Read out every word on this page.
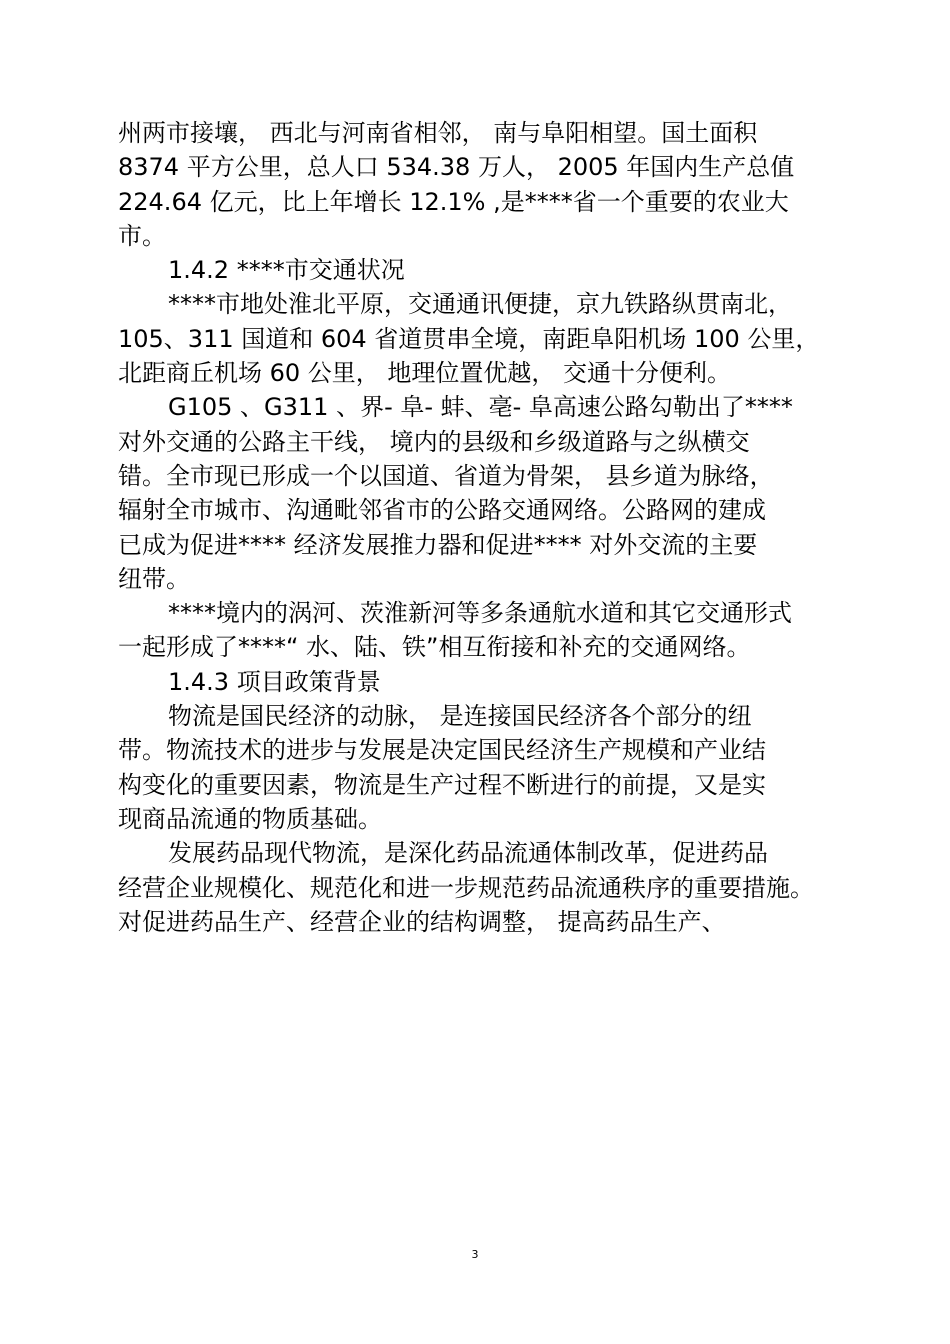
州两市接壤， 西北与河南省相邻， 南与阜阳相望。国土面积
8374 平方公里，总人口 534.38 万人， 2005 年国内生产总值
224.64 亿元，比上年增长 12.1% ,是****省一个重要的农业大
市。
1.4.2 ****市交通状况
****市地处淮北平原，交通通讯便捷，京九铁路纵贯南北，
105、311 国道和 604 省道贯串全境，南距阜阳机场 100 公里，
北距商丘机场 60 公里， 地理位置优越， 交通十分便利。
G105 、G311 、界- 阜- 蚌、亳- 阜高速公路勾勒出了****
对外交通的公路主干线， 境内的县级和乡级道路与之纵横交
错。全市现已形成一个以国道、省道为骨架， 县乡道为脉络，
辐射全市城市、沟通毗邻省市的公路交通网络。公路网的建成
已成为促进**** 经济发展推力器和促进**** 对外交流的主要
纽带。
****境内的涡河、茨淮新河等多条通航水道和其它交通形式
一起形成了****“ 水、陆、铁”相互衔接和补充的交通网络。
1.4.3 项目政策背景
物流是国民经济的动脉， 是连接国民经济各个部分的纽
带。物流技术的进步与发展是决定国民经济生产规模和产业结
构变化的重要因素，物流是生产过程不断进行的前提，又是实
现商品流通的物质基础。
发展药品现代物流，是深化药品流通体制改革，促进药品
经营企业规模化、规范化和进一步规范药品流通秩序的重要措施。
对促进药品生产、经营企业的结构调整， 提高药品生产、
3
